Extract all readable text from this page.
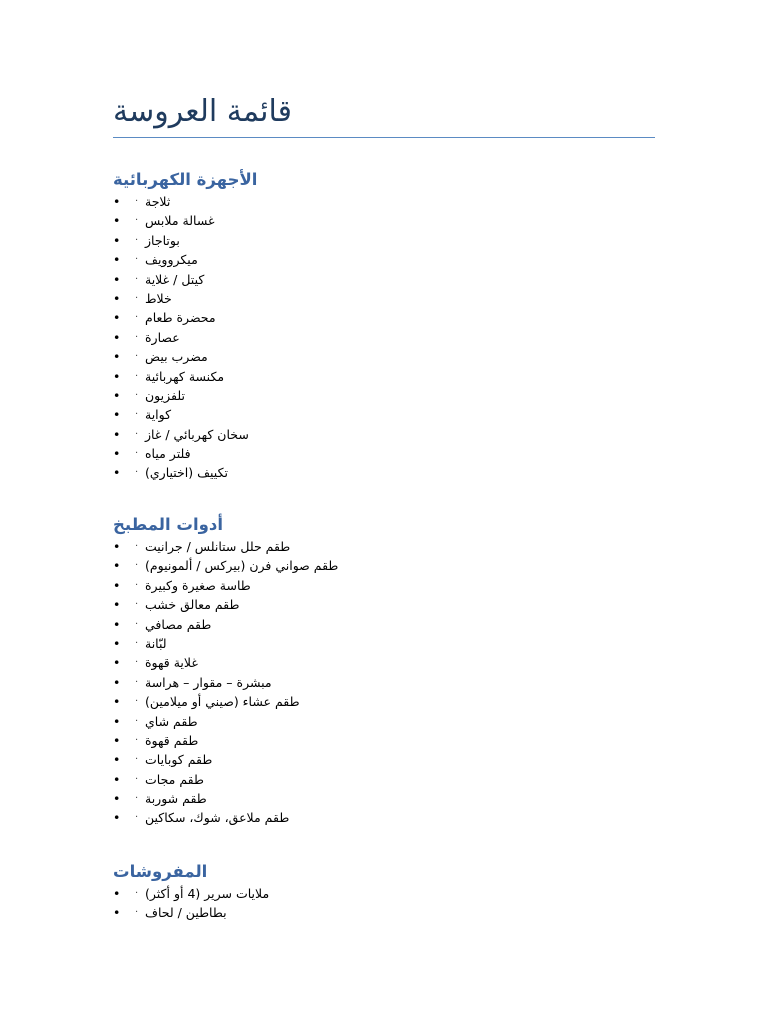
قائمة العروسة
الأجهزة الكهربائية
• · ثلاجة
• · غسالة ملابس
• · بوتاجاز
• · ميكروويف
• · كيتل / غلاية
• · خلاط
• · محضرة طعام
• · عصارة
• · مضرب بيض
• · مكنسة كهربائية
• · تلفزيون
• · كواية
• · سخان كهربائي / غاز
• · فلتر مياه
• · تكييف (اختياري)
أدوات المطبخ
• · طقم حلل ستانلس / جرانيت
• · طقم صواني فرن (بيركس / ألمونيوم)
• · طاسة صغيرة وكبيرة
• · طقم معالق خشب
• · طقم مصافي
• · لبّانة
• · غلاية قهوة
• · مبشرة – مقوار – هراسة
• · طقم عشاء (صيني أو ميلامين)
• · طقم شاي
• · طقم قهوة
• · طقم كوبايات
• · طقم مجات
• · طقم شوربة
• · طقم ملاعق، شوك، سكاكين
المفروشات
• · ملايات سرير (4 أو أكثر)
• · بطاطين / لحاف
